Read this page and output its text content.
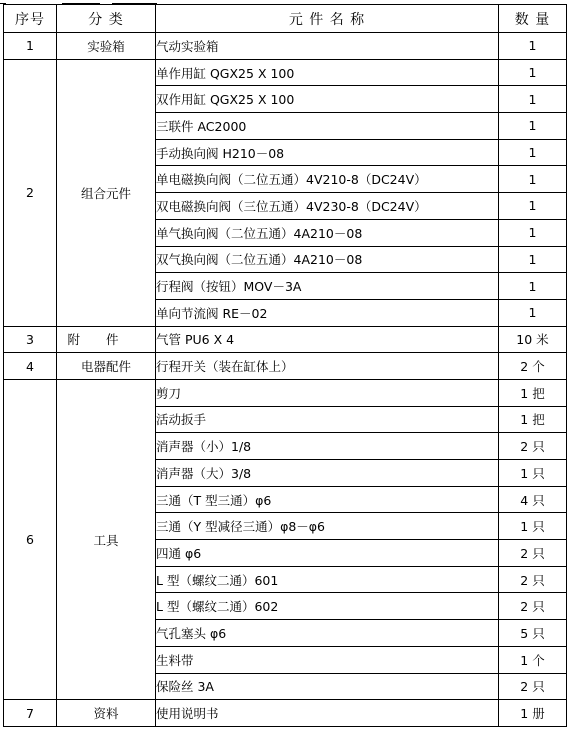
序号	分 类	元 件 名 称	数 量
1	实验箱	气动实验箱	1
2	组合元件	单作用缸 QGX25 X 100	1
		双作用缸 QGX25 X 100	1
		三联件 AC2000	1
		手动换向阀 H210－08	1
		单电磁换向阀（二位五通）4V210-8（DC24V）	1
		双电磁换向阀（三位五通）4V230-8（DC24V）	1
		单气换向阀（二位五通）4A210－08	1
		双气换向阀（二位五通）4A210－08	1
		行程阀（按钮）MOV－3A	1
		单向节流阀 RE－02	1
3	附件	气管 PU6 X 4	10 米
4	电器配件	行程开关（装在缸体上）	2 个
6	工具	剪刀	1 把
		活动扳手	1 把
		消声器（小）1/8	2 只
		消声器（大）3/8	1 只
		三通（T 型三通）φ6	4 只
		三通（Y 型减径三通）φ8－φ6	1 只
		四通 φ6	2 只
		L 型（螺纹二通）601	2 只
		L 型（螺纹二通）602	2 只
		气孔塞头 φ6	5 只
		生料带	1 个
		保险丝 3A	2 只
7	资料	使用说明书	1 册
